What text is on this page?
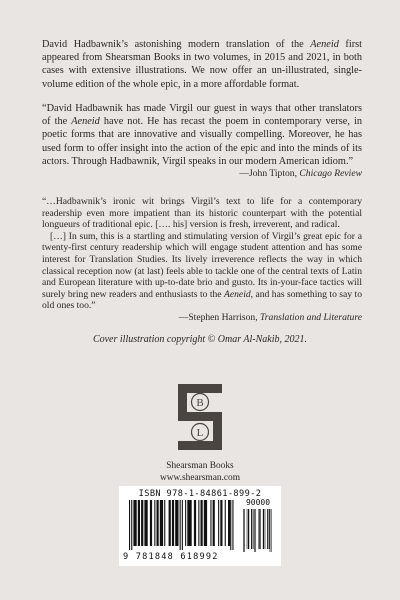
David Hadbawnik’s astonishing modern translation of the Aeneid first appeared from Shearsman Books in two volumes, in 2015 and 2021, in both cases with extensive illustrations. We now offer an un-illustrated, single-volume edition of the whole epic, in a more affordable format.

“David Hadbawnik has made Virgil our guest in ways that other translators of the Aeneid have not. He has recast the poem in contemporary verse, in poetic forms that are innovative and visually compelling. Moreover, he has used form to offer insight into the action of the epic and into the minds of its actors. Through Hadbawnik, Virgil speaks in our modern American idiom.”

—John Tipton, Chicago Review

“…Hadbawnik’s ironic wit brings Virgil’s text to life for a contemporary readership even more impatient than its historic counterpart with the potential longueurs of traditional epic. […. his] version is fresh, irreverent, and radical.

[…] In sum, this is a startling and stimulating version of Virgil’s great epic for a twenty-first century readership which will engage student attention and has some interest for Translation Studies. Its lively irreverence reflects the way in which classical reception now (at last) feels able to tackle one of the central texts of Latin and European literature with up-to-date brio and gusto. Its in-your-face tactics will surely bring new readers and enthusiasts to the Aeneid, and has something to say to old ones too.”

—Stephen Harrison, Translation and Literature

Cover illustration copyright © Omar Al-Nakib, 2021.

B
L
Shearsman Books
www.shearsman.com
ISBN 978-1-84861-899-2
90000
9 781848 618992
